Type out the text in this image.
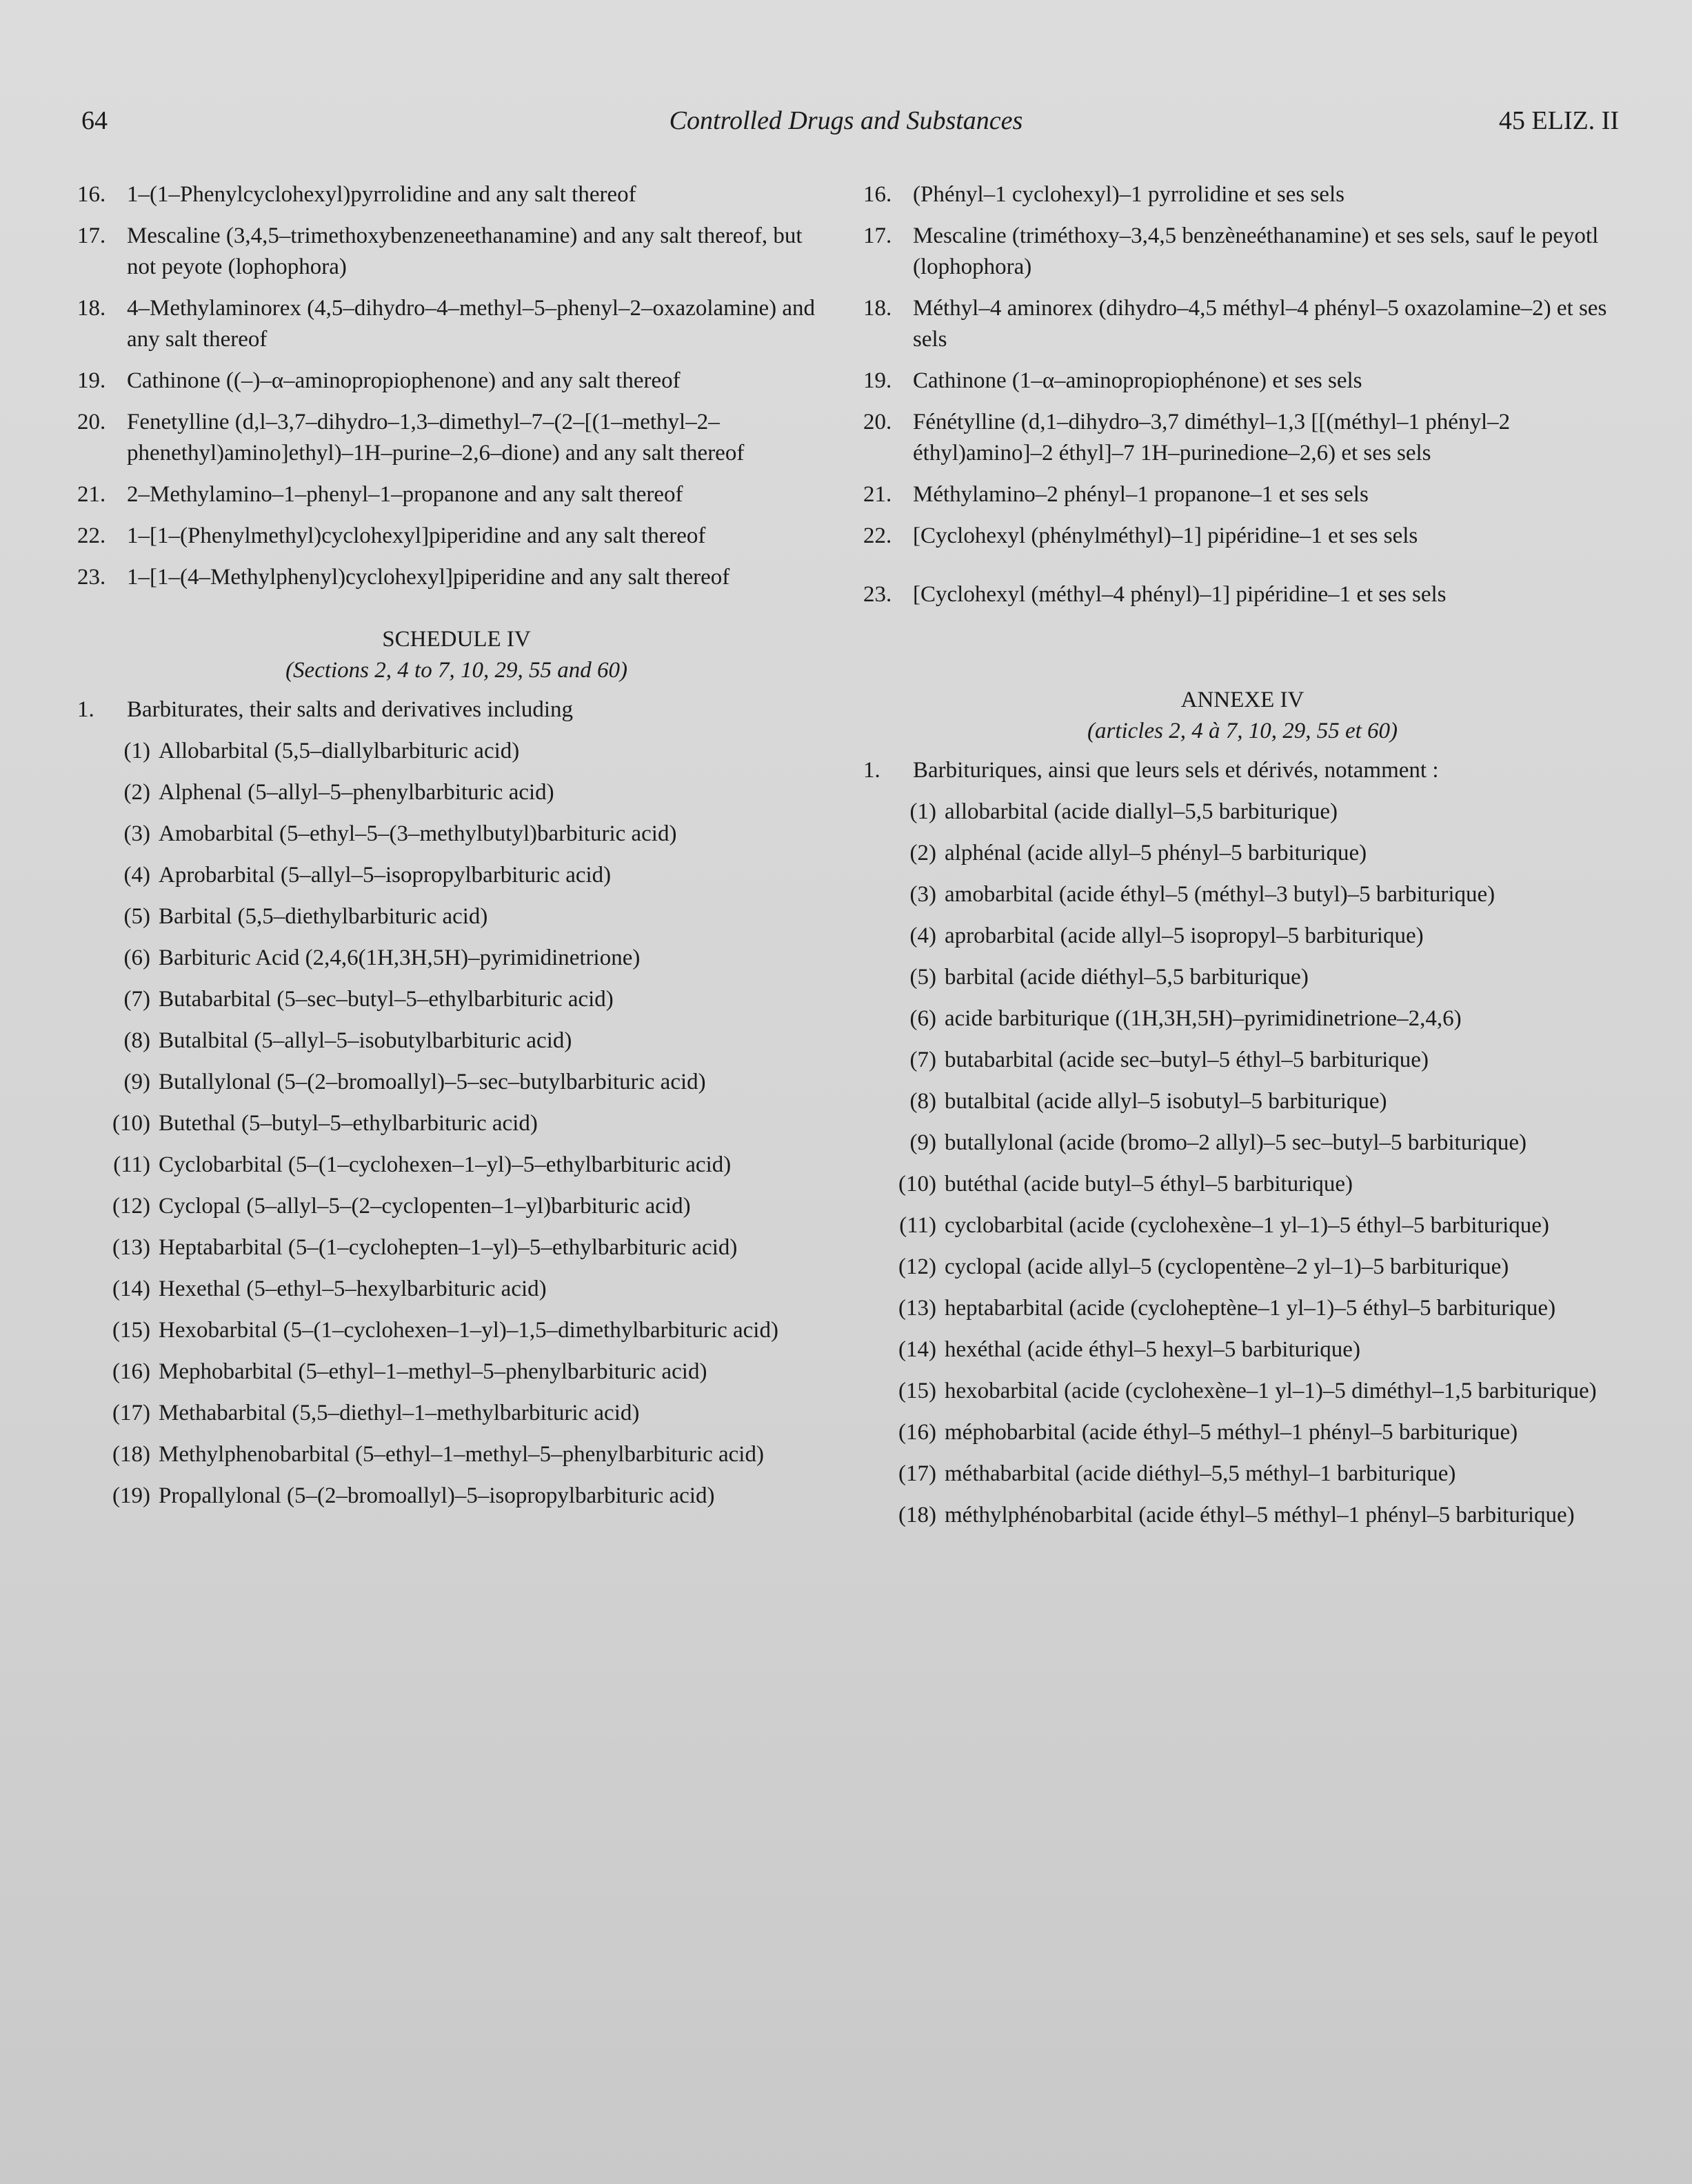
Controlled Drugs and Substances
64	45 ELIZ. II
16. 1–(1–Phenylcyclohexyl)pyrrolidine and any salt thereof
17. Mescaline (3,4,5–trimethoxybenzeneethanamine) and any salt thereof, but not peyote (lophophora)
18. 4–Methylaminorex (4,5–dihydro–4–methyl–5–phenyl–2–oxazolamine) and any salt thereof
19. Cathinone ((–)–α–aminopropiophenone) and any salt thereof
20. Fenetylline (d,l–3,7–dihydro–1,3–dimethyl–7–(2–[(1–methyl–2–phenethyl)amino]ethyl)–1H–purine–2,6–dione) and any salt thereof
21. 2–Methylamino–1–phenyl–1–propanone and any salt thereof
22. 1–[1–(Phenylmethyl)cyclohexyl]piperidine and any salt thereof
23. 1–[1–(4–Methylphenyl)cyclohexyl]piperidine and any salt thereof
SCHEDULE IV
(Sections 2, 4 to 7, 10, 29, 55 and 60)
1.	Barbiturates, their salts and derivatives including
(1) Allobarbital (5,5–diallylbarbituric acid)
(2) Alphenal (5–allyl–5–phenylbarbituric acid)
(3) Amobarbital (5–ethyl–5–(3–methylbutyl)barbituric acid)
(4) Aprobarbital (5–allyl–5–isopropylbarbituric acid)
(5) Barbital (5,5–diethylbarbituric acid)
(6) Barbituric Acid (2,4,6(1H,3H,5H)–pyrimidinetrione)
(7) Butabarbital (5–sec–butyl–5–ethylbarbituric acid)
(8) Butalbital (5–allyl–5–isobutylbarbituric acid)
(9) Butallylonal (5–(2–bromoallyl)–5–sec–butylbarbituric acid)
(10) Butethal (5–butyl–5–ethylbarbituric acid)
(11) Cyclobarbital (5–(1–cyclohexen–1–yl)–5–ethylbarbituric acid)
(12) Cyclopal (5–allyl–5–(2–cyclopenten–1–yl)barbituric acid)
(13) Heptabarbital (5–(1–cyclohepten–1–yl)–5–ethylbarbituric acid)
(14) Hexethal (5–ethyl–5–hexylbarbituric acid)
(15) Hexobarbital (5–(1–cyclohexen–1–yl)–1,5–dimethylbarbituric acid)
(16) Mephobarbital (5–ethyl–1–methyl–5–phenylbarbituric acid)
(17) Methabarbital (5,5–diethyl–1–methylbarbituric acid)
(18) Methylphenobarbital (5–ethyl–1–methyl–5–phenylbarbituric acid)
(19) Propallylonal (5–(2–bromoallyl)–5–isopropylbarbituric acid)
16. (Phényl–1 cyclohexyl)–1 pyrrolidine et ses sels
17. Mescaline (triméthoxy–3,4,5 benzèneéthanamine) et ses sels, sauf le peyotl (lophophora)
18. Méthyl–4 aminorex (dihydro–4,5 méthyl–4 phényl–5 oxazolamine–2) et ses sels
19. Cathinone (1–α–aminopropiophénone) et ses sels
20. Fénétylline (d,1–dihydro–3,7 diméthyl–1,3 [[(méthyl–1 phényl–2 éthyl)amino]–2 éthyl]–7 1H–purinedione–2,6) et ses sels
21. Méthylamino–2 phényl–1 propanone–1 et ses sels
22. [Cyclohexyl (phénylméthyl)–1] pipéridine–1 et ses sels
23. [Cyclohexyl (méthyl–4 phényl)–1] pipéridine–1 et ses sels
ANNEXE IV
(articles 2, 4 à 7, 10, 29, 55 et 60)
1.	Barbituriques, ainsi que leurs sels et dérivés, notamment :
(1) allobarbital (acide diallyl–5,5 barbiturique)
(2) alphénal (acide allyl–5 phényl–5 barbiturique)
(3) amobarbital (acide éthyl–5 (méthyl–3 butyl)–5 barbiturique)
(4) aprobarbital (acide allyl–5 isopropyl–5 barbiturique)
(5) barbital (acide diéthyl–5,5 barbiturique)
(6) acide barbiturique ((1H,3H,5H)–pyrimidinetrione–2,4,6)
(7) butabarbital (acide sec–butyl–5 éthyl–5 barbiturique)
(8) butalbital (acide allyl–5 isobutyl–5 barbiturique)
(9) butallylonal (acide (bromo–2 allyl)–5 sec–butyl–5 barbiturique)
(10) butéthal (acide butyl–5 éthyl–5 barbiturique)
(11) cyclobarbital (acide (cyclohexène–1 yl–1)–5 éthyl–5 barbiturique)
(12) cyclopal (acide allyl–5 (cyclopentène–2 yl–1)–5 barbiturique)
(13) heptabarbital (acide (cycloheptène–1 yl–1)–5 éthyl–5 barbiturique)
(14) hexéthal (acide éthyl–5 hexyl–5 barbiturique)
(15) hexobarbital (acide (cyclohexène–1 yl–1)–5 diméthyl–1,5 barbiturique)
(16) méphobarbital (acide éthyl–5 méthyl–1 phényl–5 barbiturique)
(17) méthabarbital (acide diéthyl–5,5 méthyl–1 barbiturique)
(18) méthylphénobarbital (acide éthyl–5 méthyl–1 phényl–5 barbiturique)
